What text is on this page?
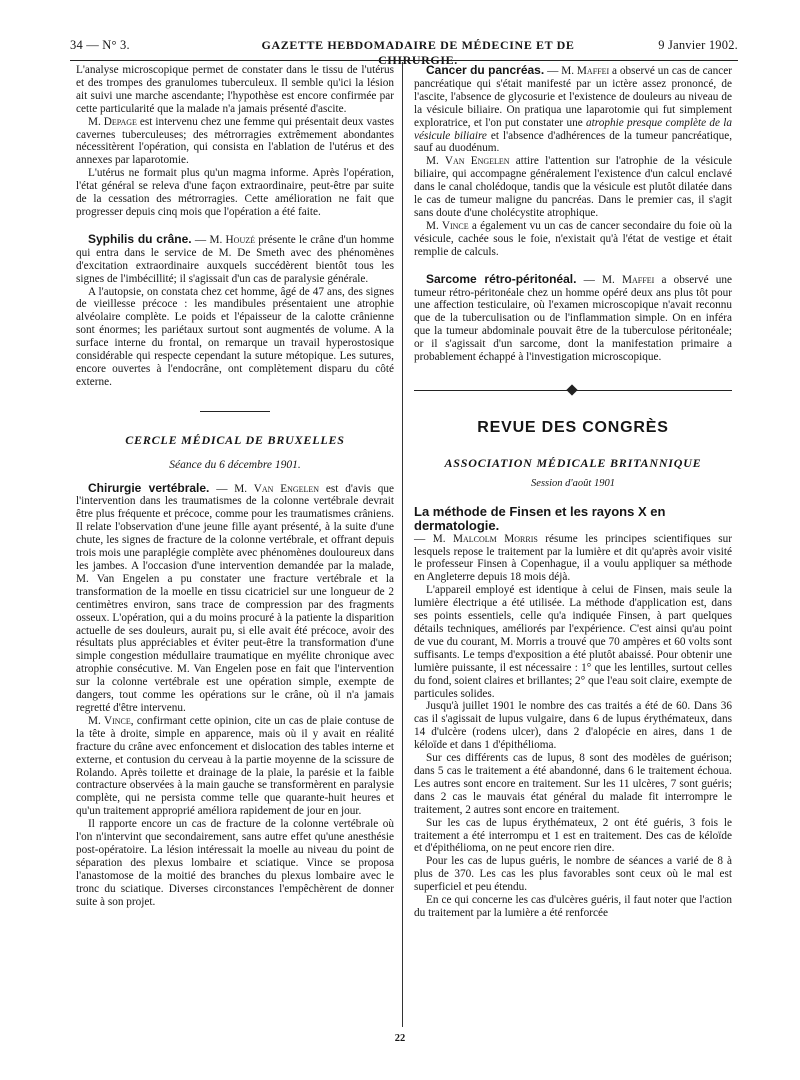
34 — N° 3.	GAZETTE HEBDOMADAIRE DE MÉDECINE ET DE CHIRURGIE.
9 Janvier 1902.

L'analyse microscopique permet de constater dans le tissu de l'utérus et des trompes des granulomes tuberculeux. Il semble qu'ici la lésion ait suivi une marche ascendante; l'hypothèse est encore confirmée par cette particularité que la malade n'a jamais présenté d'ascite.

M. Depage est intervenu chez une femme qui présentait deux vastes cavernes tuberculeuses; des métrorragies extrêmement abondantes nécessitèrent l'opération, qui consista en l'ablation de l'utérus et des annexes par laparotomie.

L'utérus ne formait plus qu'un magma informe. Après l'opération, l'état général se releva d'une façon extraordinaire, peut-être par suite de la cessation des métrorragies. Cette amélioration ne fait que progresser depuis cinq mois que l'opération a été faite.

Syphilis du crâne. — M. Houzé présente le crâne d'un homme qui entra dans le service de M. De Smeth avec des phénomènes d'excitation extraordinaire auxquels succédèrent bientôt tous les signes de l'imbécillité; il s'agissait d'un cas de paralysie générale.

A l'autopsie, on constata chez cet homme, âgé de 47 ans, des signes de vieillesse précoce : les mandibules présentaient une atrophie alvéolaire complète. Le poids et l'épaisseur de la calotte crânienne sont énormes; les pariétaux surtout sont augmentés de volume. A la surface interne du frontal, on remarque un travail hyperostosique considérable qui respecte cependant la suture métopique. Les sutures, encore ouvertes à l'endocrâne, ont complètement disparu du côté externe.

CERCLE MÉDICAL DE BRUXELLES
Séance du 6 décembre 1901.

Chirurgie vertébrale. — M. Van Engelen est d'avis que l'intervention dans les traumatismes de la colonne vertébrale devrait être plus fréquente et précoce, comme pour les traumatismes crâniens. Il relate l'observation d'une jeune fille ayant présenté, à la suite d'une chute, les signes de fracture de la colonne vertébrale, et offrant depuis trois mois une paraplégie complète avec phénomènes douloureux dans les jambes. A l'occasion d'une intervention demandée par la malade, M. Van Engelen a pu constater une fracture vertébrale et la transformation de la moelle en tissu cicatriciel sur une longueur de 2 centimètres environ, sans trace de compression par des fragments osseux. L'opération, qui a du moins procuré à la patiente la disparition actuelle de ses douleurs, aurait pu, si elle avait été précoce, avoir des résultats plus appréciables et éviter peut-être la transformation d'une simple congestion médullaire traumatique en myélite chronique avec atrophie consécutive. M. Van Engelen pose en fait que l'intervention sur la colonne vertébrale est une opération simple, exempte de dangers, tout comme les opérations sur le crâne, où il n'a jamais regretté d'être intervenu.

M. Vince, confirmant cette opinion, cite un cas de plaie contuse de la tête à droite, simple en apparence, mais où il y avait en réalité fracture du crâne avec enfoncement et dislocation des tables interne et externe, et contusion du cerveau à la partie moyenne de la scissure de Rolando. Après toilette et drainage de la plaie, la parésie et la faible contracture observées à la main gauche se transformèrent en paralysie complète, qui ne persista comme telle que quarante-huit heures et qu'un traitement approprié améliora rapidement de jour en jour.

Il rapporte encore un cas de fracture de la colonne vertébrale où l'on n'intervint que secondairement, sans autre effet qu'une anesthésie post-opératoire. La lésion intéressait la moelle au niveau du point de séparation des plexus lombaire et sciatique. Vince se proposa l'anastomose de la moitié des branches du plexus lombaire avec le tronc du sciatique. Diverses circonstances l'empêchèrent de donner suite à son projet.

Cancer du pancréas. — M. Maffei a observé un cas de cancer pancréatique qui s'était manifesté par un ictère assez prononcé, de l'ascite, l'absence de glycosurie et l'existence de douleurs au niveau de la vésicule biliaire. On pratiqua une laparotomie qui fut simplement exploratrice, et l'on put constater une atrophie presque complète de la vésicule biliaire et l'absence d'adhérences de la tumeur pancréatique, sauf au duodénum.

M. Van Engelen attire l'attention sur l'atrophie de la vésicule biliaire, qui accompagne généralement l'existence d'un calcul enclavé dans le canal cholédoque, tandis que la vésicule est plutôt dilatée dans le cas de tumeur maligne du pancréas. Dans le premier cas, il s'agit sans doute d'une cholécystite atrophique.

M. Vince a également vu un cas de cancer secondaire du foie où la vésicule, cachée sous le foie, n'existait qu'à l'état de vestige et était remplie de calculs.

Sarcome rétro-péritonéal. — M. Maffei a observé une tumeur rétro-péritonéale chez un homme opéré deux ans plus tôt pour une affection testiculaire, où l'examen microscopique n'avait reconnu que de la tuberculisation ou de l'inflammation simple. On en inféra que la tumeur abdominale pouvait être de la tuberculose péritonéale; or il s'agissait d'un sarcome, dont la manifestation primaire a probablement échappé à l'investigation microscopique.

REVUE DES CONGRÈS
ASSOCIATION MÉDICALE BRITANNIQUE
Session d'août 1901
La méthode de Finsen et les rayons X en dermatologie.

— M. Malcolm Morris résume les principes scientifiques sur lesquels repose le traitement par la lumière et dit qu'après avoir visité le professeur Finsen à Copenhague, il a voulu appliquer sa méthode en Angleterre depuis 18 mois déjà.

L'appareil employé est identique à celui de Finsen, mais seule la lumière électrique a été utilisée. La méthode d'application est, dans ses points essentiels, celle qu'a indiquée Finsen, à part quelques détails techniques, améliorés par l'expérience. C'est ainsi qu'au point de vue du courant, M. Morris a trouvé que 70 ampères et 60 volts sont suffisants. Le temps d'exposition a été plutôt abaissé. Pour obtenir une lumière puissante, il est nécessaire : 1° que les lentilles, surtout celles du fond, soient claires et brillantes; 2° que l'eau soit claire, exempte de particules solides.

Jusqu'à juillet 1901 le nombre des cas traités a été de 60. Dans 36 cas il s'agissait de lupus vulgaire, dans 6 de lupus érythémateux, dans 14 d'ulcère (rodens ulcer), dans 2 d'alopécie en aires, dans 1 de kéloïde et dans 1 d'épithélioma.

Sur ces différents cas de lupus, 8 sont des modèles de guérison; dans 5 cas le traitement a été abandonné, dans 6 le traitement échoua. Les autres sont encore en traitement. Sur les 11 ulcères, 7 sont guéris; dans 2 cas le mauvais état général du malade fit interrompre le traitement, 2 autres sont encore en traitement.

Sur les cas de lupus érythémateux, 2 ont été guéris, 3 fois le traitement a été interrompu et 1 est en traitement. Des cas de kéloïde et d'épithélioma, on ne peut encore rien dire.

Pour les cas de lupus guéris, le nombre de séances a varié de 8 à plus de 370. Les cas les plus favorables sont ceux où le mal est superficiel et peu étendu.

En ce qui concerne les cas d'ulcères guéris, il faut noter que l'action du traitement par la lumière a été renforcée

22
